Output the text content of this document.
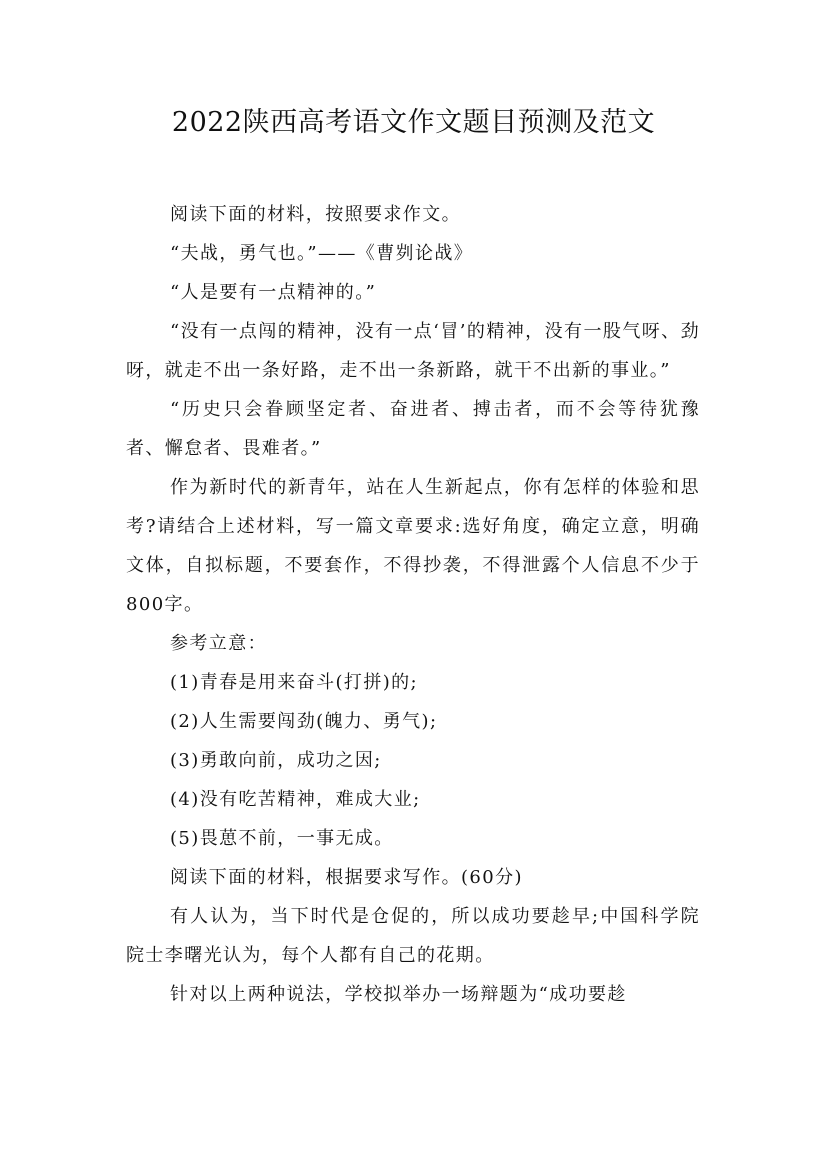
2022陕西高考语文作文题目预测及范文

阅读下面的材料，按照要求作文。

“夫战，勇气也。”——《曹刿论战》

“人是要有一点精神的。”

“没有一点闯的精神，没有一点‘冒’的精神，没有一股气呀、劲呀，就走不出一条好路，走不出一条新路，就干不出新的事业。”

“历史只会眷顾坚定者、奋进者、搏击者，而不会等待犹豫者、懈怠者、畏难者。”

作为新时代的新青年，站在人生新起点，你有怎样的体验和思考?请结合上述材料，写一篇文章要求:选好角度，确定立意，明确文体，自拟标题，不要套作，不得抄袭，不得泄露个人信息不少于800字。

参考立意：

(1)青春是用来奋斗(打拼)的;

(2)人生需要闯劲(魄力、勇气);

(3)勇敢向前，成功之因;

(4)没有吃苦精神，难成大业;

(5)畏葸不前，一事无成。

阅读下面的材料，根据要求写作。(60分)

有人认为，当下时代是仓促的，所以成功要趁早;中国科学院院士李曙光认为，每个人都有自己的花期。

针对以上两种说法，学校拟举办一场辩题为“成功要趁
